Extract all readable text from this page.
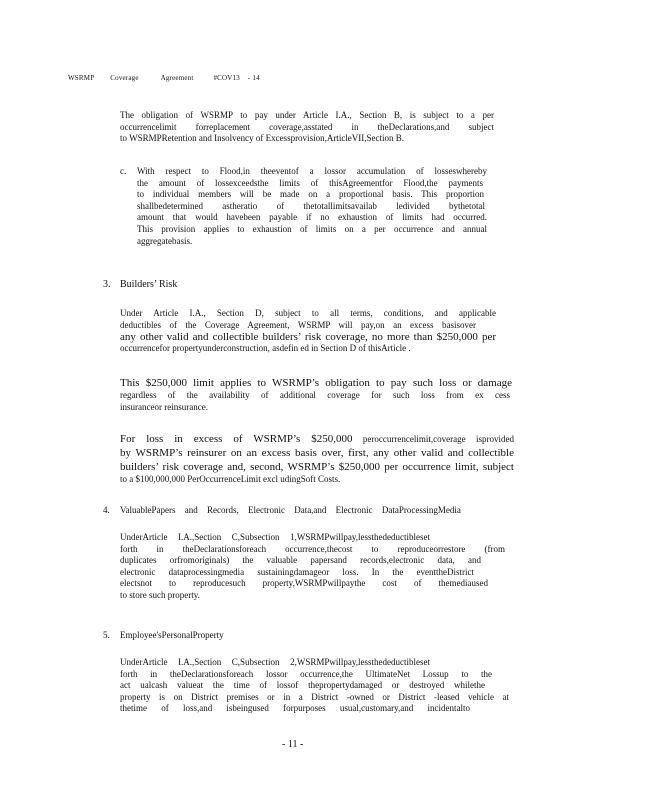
WSRMP Coverage	Agreement	#COV13 - 14
The obligation of WSRMP to pay under Article I.A., Section B, is subject to a per
occurrencelimit forreplacement coverage,asstated in theDeclarations,and subject
to WSRMPRetention and Insolvency of Excessprovision,ArticleVII,Section B.
c. With respect to Flood,in theeventof a lossor accumulation of losseswhereby
the amount of lossexceedsthe limits of thisAgreementfor Flood,the payments
to individual members will be made on a proportional basis. This proportion
shallbedetermined astheratio of thetotallimitsavailab ledivided bythetotal
amount that would havebeen payable if no exhaustion of limits had occurred.
This provision applies to exhaustion of limits on a per occurrence and annual
aggregatebasis.
3. Builders’ Risk
Under Article I.A., Section D, subject to all terms, conditions, and applicable
deductibles of the Coverage Agreement, WSRMP will pay,on an excess basisover
any other valid and collectible builders’ risk coverage, no more than $250,000 per
occurrencefor propertyunderconstruction, asdefin ed in Section D of thisArticle .
This $250,000 limit applies to WSRMP’s obligation to pay such loss or damage
regardless of the availability of additional coverage for such loss from ex cess
insuranceor reinsurance.
For loss in excess of WSRMP’s $250,000 peroccurrencelimit,coverage isprovided
by WSRMP’s reinsurer on an excess basis over, first, any other valid and collectible
builders’ risk coverage and, second, WSRMP’s $250,000 per occurrence limit, subject
to a $100,000,000 PerOccurrenceLimit excl udingSoft Costs.
4. ValuablePapers and Records, Electronic Data,and Electronic DataProcessingMedia
UnderArticle I.A.,Section C,Subsection 1,WSRMPwillpay,lessthedeductibleset
forth in theDeclarationsforeach occurrence,thecost to reproduceorrestore (from
duplicates orfromoriginals) the valuable papersand records,electronic data, and
electronic dataprocessingmedia sustainingdamageor loss. In the eventtheDistrict
electsnot to reproducesuch property,WSRMPwillpaythe cost of themediaused
to store such property.
5. Employee'sPersonalProperty
UnderArticle I.A.,Section C,Subsection 2,WSRMPwillpay,lessthedeductibleset
forth in theDeclarationsforeach lossor occurrence,the UltimateNet Lossup to the
act ualcash valueat the time of lossof thepropertydamaged or destroyed whilethe
property is on District premises or in a District -owned or District -leased vehicle at
thetime of loss,and isbeingused forpurposes usual,customary,and incidentalto
- 11 -
